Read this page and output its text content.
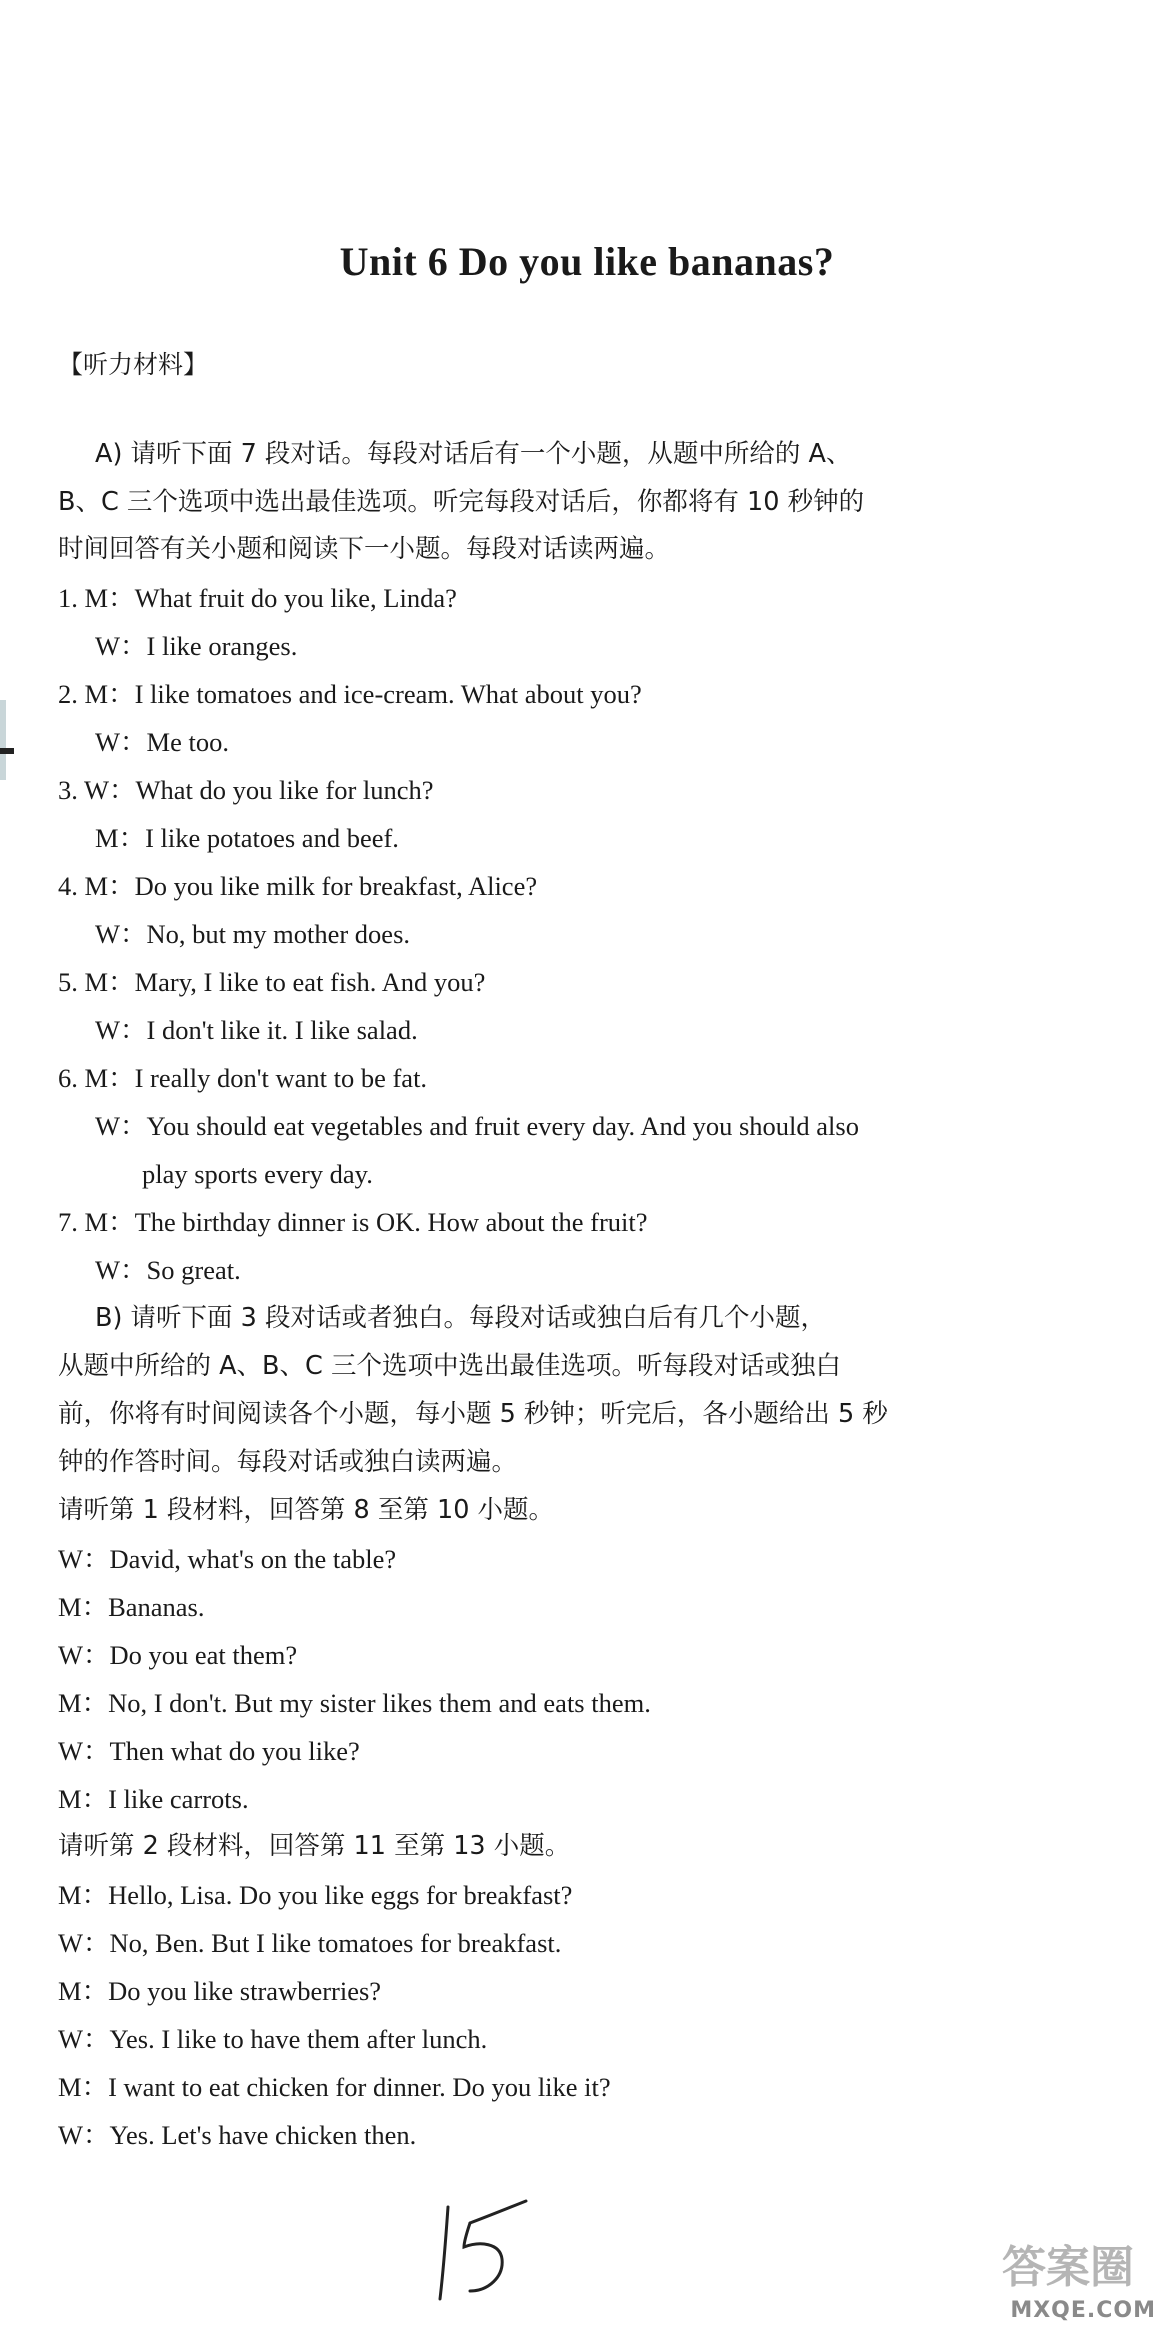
Unit 6 Do you like bananas?
【听力材料】
A) 请听下面 7 段对话。每段对话后有一个小题，从题中所给的 A、
B、C 三个选项中选出最佳选项。听完每段对话后，你都将有 10 秒钟的
时间回答有关小题和阅读下一小题。每段对话读两遍。
1. M：What fruit do you like, Linda?
W：I like oranges.
2. M：I like tomatoes and ice-cream. What about you?
W：Me too.
3. W：What do you like for lunch?
M：I like potatoes and beef.
4. M：Do you like milk for breakfast, Alice?
W：No, but my mother does.
5. M：Mary, I like to eat fish. And you?
W：I don't like it. I like salad.
6. M：I really don't want to be fat.
W：You should eat vegetables and fruit every day. And you should also
play sports every day.
7. M：The birthday dinner is OK. How about the fruit?
W：So great.
B) 请听下面 3 段对话或者独白。每段对话或独白后有几个小题，
从题中所给的 A、B、C 三个选项中选出最佳选项。听每段对话或独白
前，你将有时间阅读各个小题，每小题 5 秒钟；听完后，各小题给出 5 秒
钟的作答时间。每段对话或独白读两遍。
请听第 1 段材料，回答第 8 至第 10 小题。
W：David, what's on the table?
M：Bananas.
W：Do you eat them?
M：No, I don't. But my sister likes them and eats them.
W：Then what do you like?
M：I like carrots.
请听第 2 段材料，回答第 11 至第 13 小题。
M：Hello, Lisa. Do you like eggs for breakfast?
W：No, Ben. But I like tomatoes for breakfast.
M：Do you like strawberries?
W：Yes. I like to have them after lunch.
M：I want to eat chicken for dinner. Do you like it?
W：Yes. Let's have chicken then.
答案圈
MXQE.COM
